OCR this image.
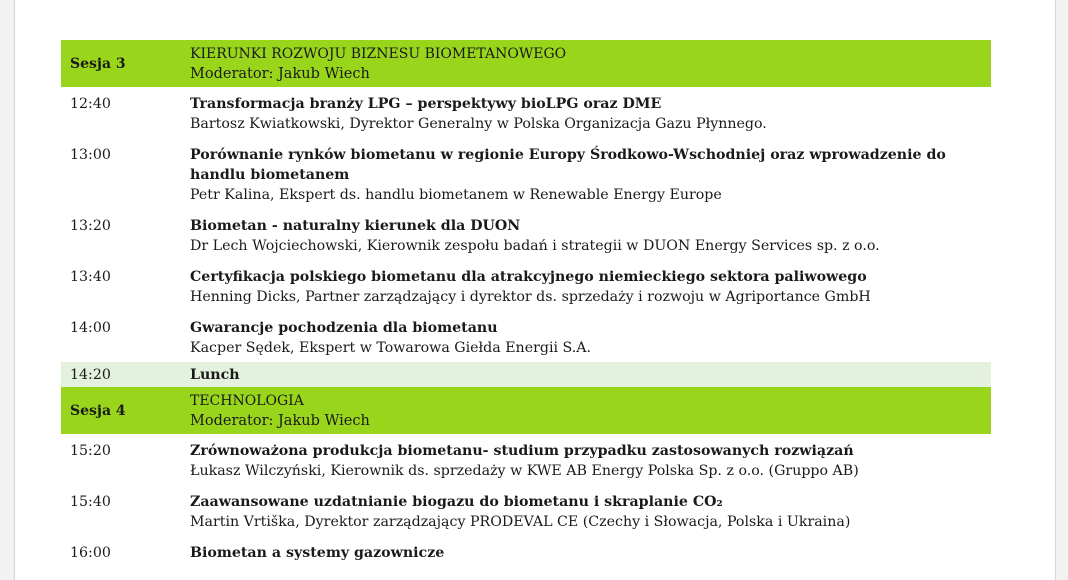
Sesja 3
KIERUNKI ROZWOJU BIZNESU BIOMETANOWEGO
Moderator: Jakub Wiech
12:40	Transformacja branży LPG – perspektywy bioLPG oraz DME
Bartosz Kwiatkowski, Dyrektor Generalny w Polska Organizacja Gazu Płynnego.
13:00	Porównanie rynków biometanu w regionie Europy Środkowo-Wschodniej oraz wprowadzenie do handlu biometanem
Petr Kalina, Ekspert ds. handlu biometanem w Renewable Energy Europe
13:20	Biometan - naturalny kierunek dla DUON
Dr Lech Wojciechowski, Kierownik zespołu badań i strategii w DUON Energy Services sp. z o.o.
13:40	Certyfikacja polskiego biometanu dla atrakcyjnego niemieckiego sektora paliwowego
Henning Dicks, Partner zarządzający i dyrektor ds. sprzedaży i rozwoju w Agriportance GmbH
14:00	Gwarancje pochodzenia dla biometanu
Kacper Sędek, Ekspert w Towarowa Giełda Energii S.A.
14:20	Lunch
Sesja 4
TECHNOLOGIA
Moderator: Jakub Wiech
15:20	Zrównoważona produkcja biometanu- studium przypadku zastosowanych rozwiązań
Łukasz Wilczyński, Kierownik ds. sprzedaży w KWE AB Energy Polska Sp. z o.o. (Gruppo AB)
15:40	Zaawansowane uzdatnianie biogazu do biometanu i skraplanie CO₂
Martin Vrtiška, Dyrektor zarządzający PRODEVAL CE (Czechy i Słowacja, Polska i Ukraina)
16:00	Biometan a systemy gazownicze
